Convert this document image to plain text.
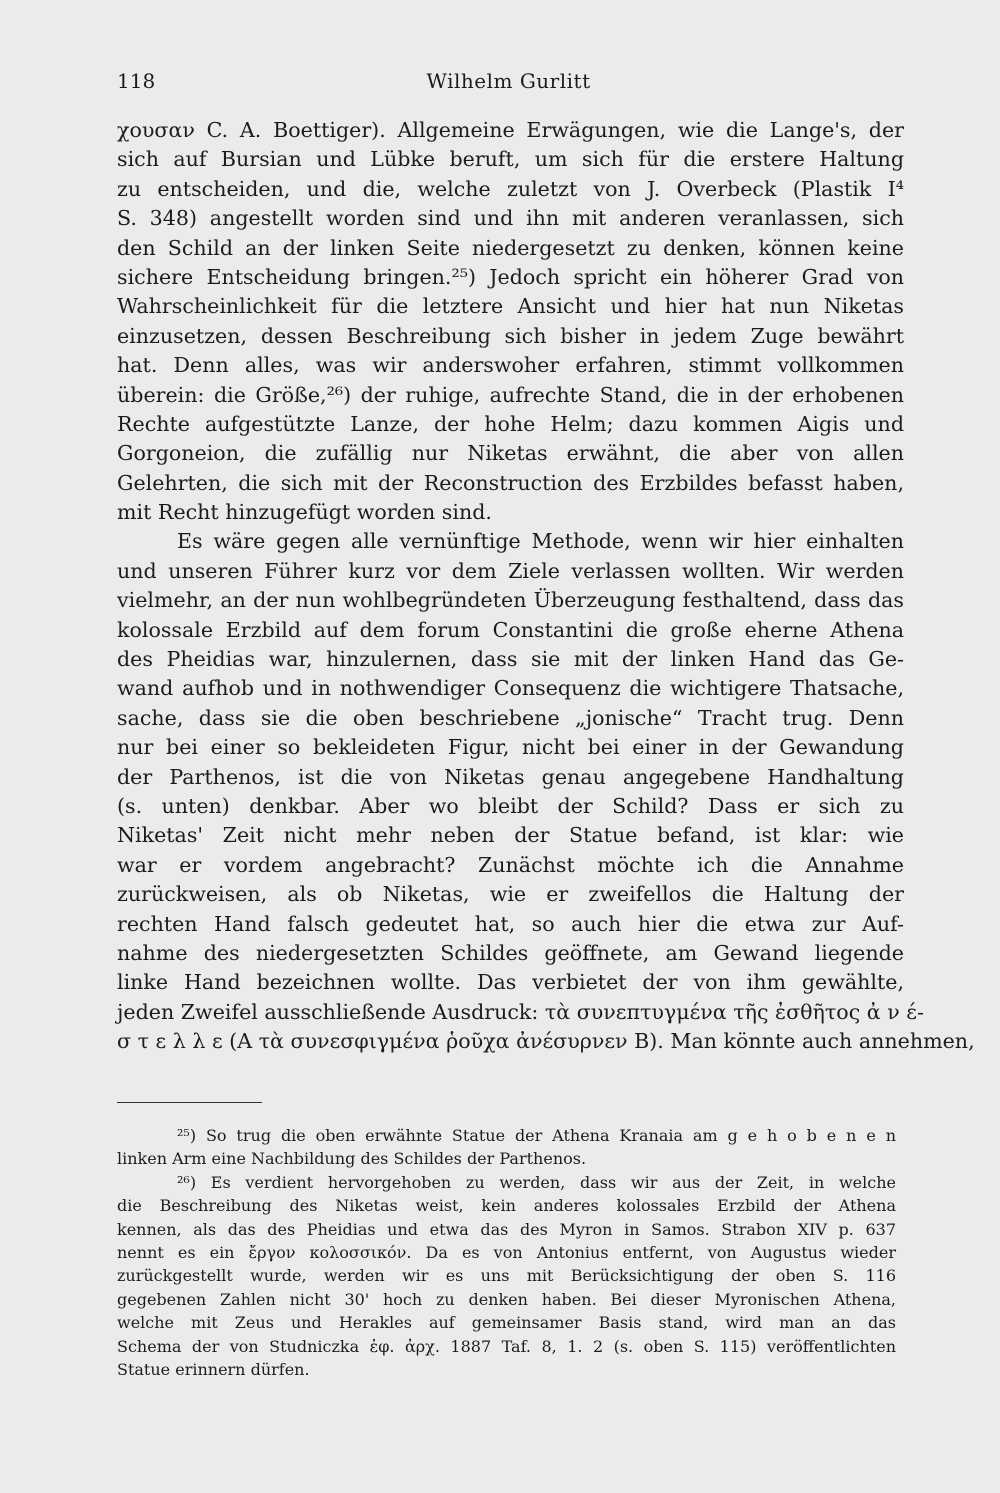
118	Wilhelm Gurlitt
χουσαν C. A. Boettiger). Allgemeine Erwägungen, wie die Lange's, der
sich auf Bursian und Lübke beruft, um sich für die erstere Haltung
zu entscheiden, und die, welche zuletzt von J. Overbeck (Plastik I⁴
S. 348) angestellt worden sind und ihn mit anderen veranlassen, sich
den Schild an der linken Seite niedergesetzt zu denken, können keine
sichere Entscheidung bringen.²⁵) Jedoch spricht ein höherer Grad von
Wahrscheinlichkeit für die letztere Ansicht und hier hat nun Niketas
einzusetzen, dessen Beschreibung sich bisher in jedem Zuge bewährt
hat. Denn alles, was wir anderswoher erfahren, stimmt vollkommen
überein: die Größe,²⁶) der ruhige, aufrechte Stand, die in der erhobenen
Rechte aufgestützte Lanze, der hohe Helm; dazu kommen Aigis und
Gorgoneion, die zufällig nur Niketas erwähnt, die aber von allen
Gelehrten, die sich mit der Reconstruction des Erzbildes befasst haben,
mit Recht hinzugefügt worden sind.
Es wäre gegen alle vernünftige Methode, wenn wir hier einhalten
und unseren Führer kurz vor dem Ziele verlassen wollten. Wir werden
vielmehr, an der nun wohlbegründeten Überzeugung festhaltend, dass das
kolossale Erzbild auf dem forum Constantini die große eherne Athena
des Pheidias war, hinzulernen, dass sie mit der linken Hand das Ge-
wand aufhob und in nothwendiger Consequenz die wichtigere Thatsache,
sache, dass sie die oben beschriebene „jonische“ Tracht trug. Denn
nur bei einer so bekleideten Figur, nicht bei einer in der Gewandung
der Parthenos, ist die von Niketas genau angegebene Handhaltung
(s. unten) denkbar. Aber wo bleibt der Schild? Dass er sich zu
Niketas' Zeit nicht mehr neben der Statue befand, ist klar: wie
war er vordem angebracht? Zunächst möchte ich die Annahme
zurückweisen, als ob Niketas, wie er zweifellos die Haltung der
rechten Hand falsch gedeutet hat, so auch hier die etwa zur Auf-
nahme des niedergesetzten Schildes geöffnete, am Gewand liegende
linke Hand bezeichnen wollte. Das verbietet der von ihm gewählte,
jeden Zweifel ausschließende Ausdruck: τὰ συνεπτυγμένα τῆς ἐσθῆτος ἀ ν έ-
σ τ ε λ λ ε (A τὰ συνεσφιγμένα ῥοῦχα ἀνέσυρνεν B). Man könnte auch annehmen,
²⁵) So trug die oben erwähnte Statue der Athena Kranaia am g e h o b e n e n
linken Arm eine Nachbildung des Schildes der Parthenos.
²⁶) Es verdient hervorgehoben zu werden, dass wir aus der Zeit, in welche
die Beschreibung des Niketas weist, kein anderes kolossales Erzbild der Athena
kennen, als das des Pheidias und etwa das des Myron in Samos. Strabon XIV p. 637
nennt es ein ἔργον κολοσσικόν. Da es von Antonius entfernt, von Augustus wieder
zurückgestellt wurde, werden wir es uns mit Berücksichtigung der oben S. 116
gegebenen Zahlen nicht 30' hoch zu denken haben. Bei dieser Myronischen Athena,
welche mit Zeus und Herakles auf gemeinsamer Basis stand, wird man an das
Schema der von Studniczka ἐφ. ἀρχ. 1887 Taf. 8, 1. 2 (s. oben S. 115) veröffentlichten
Statue erinnern dürfen.
